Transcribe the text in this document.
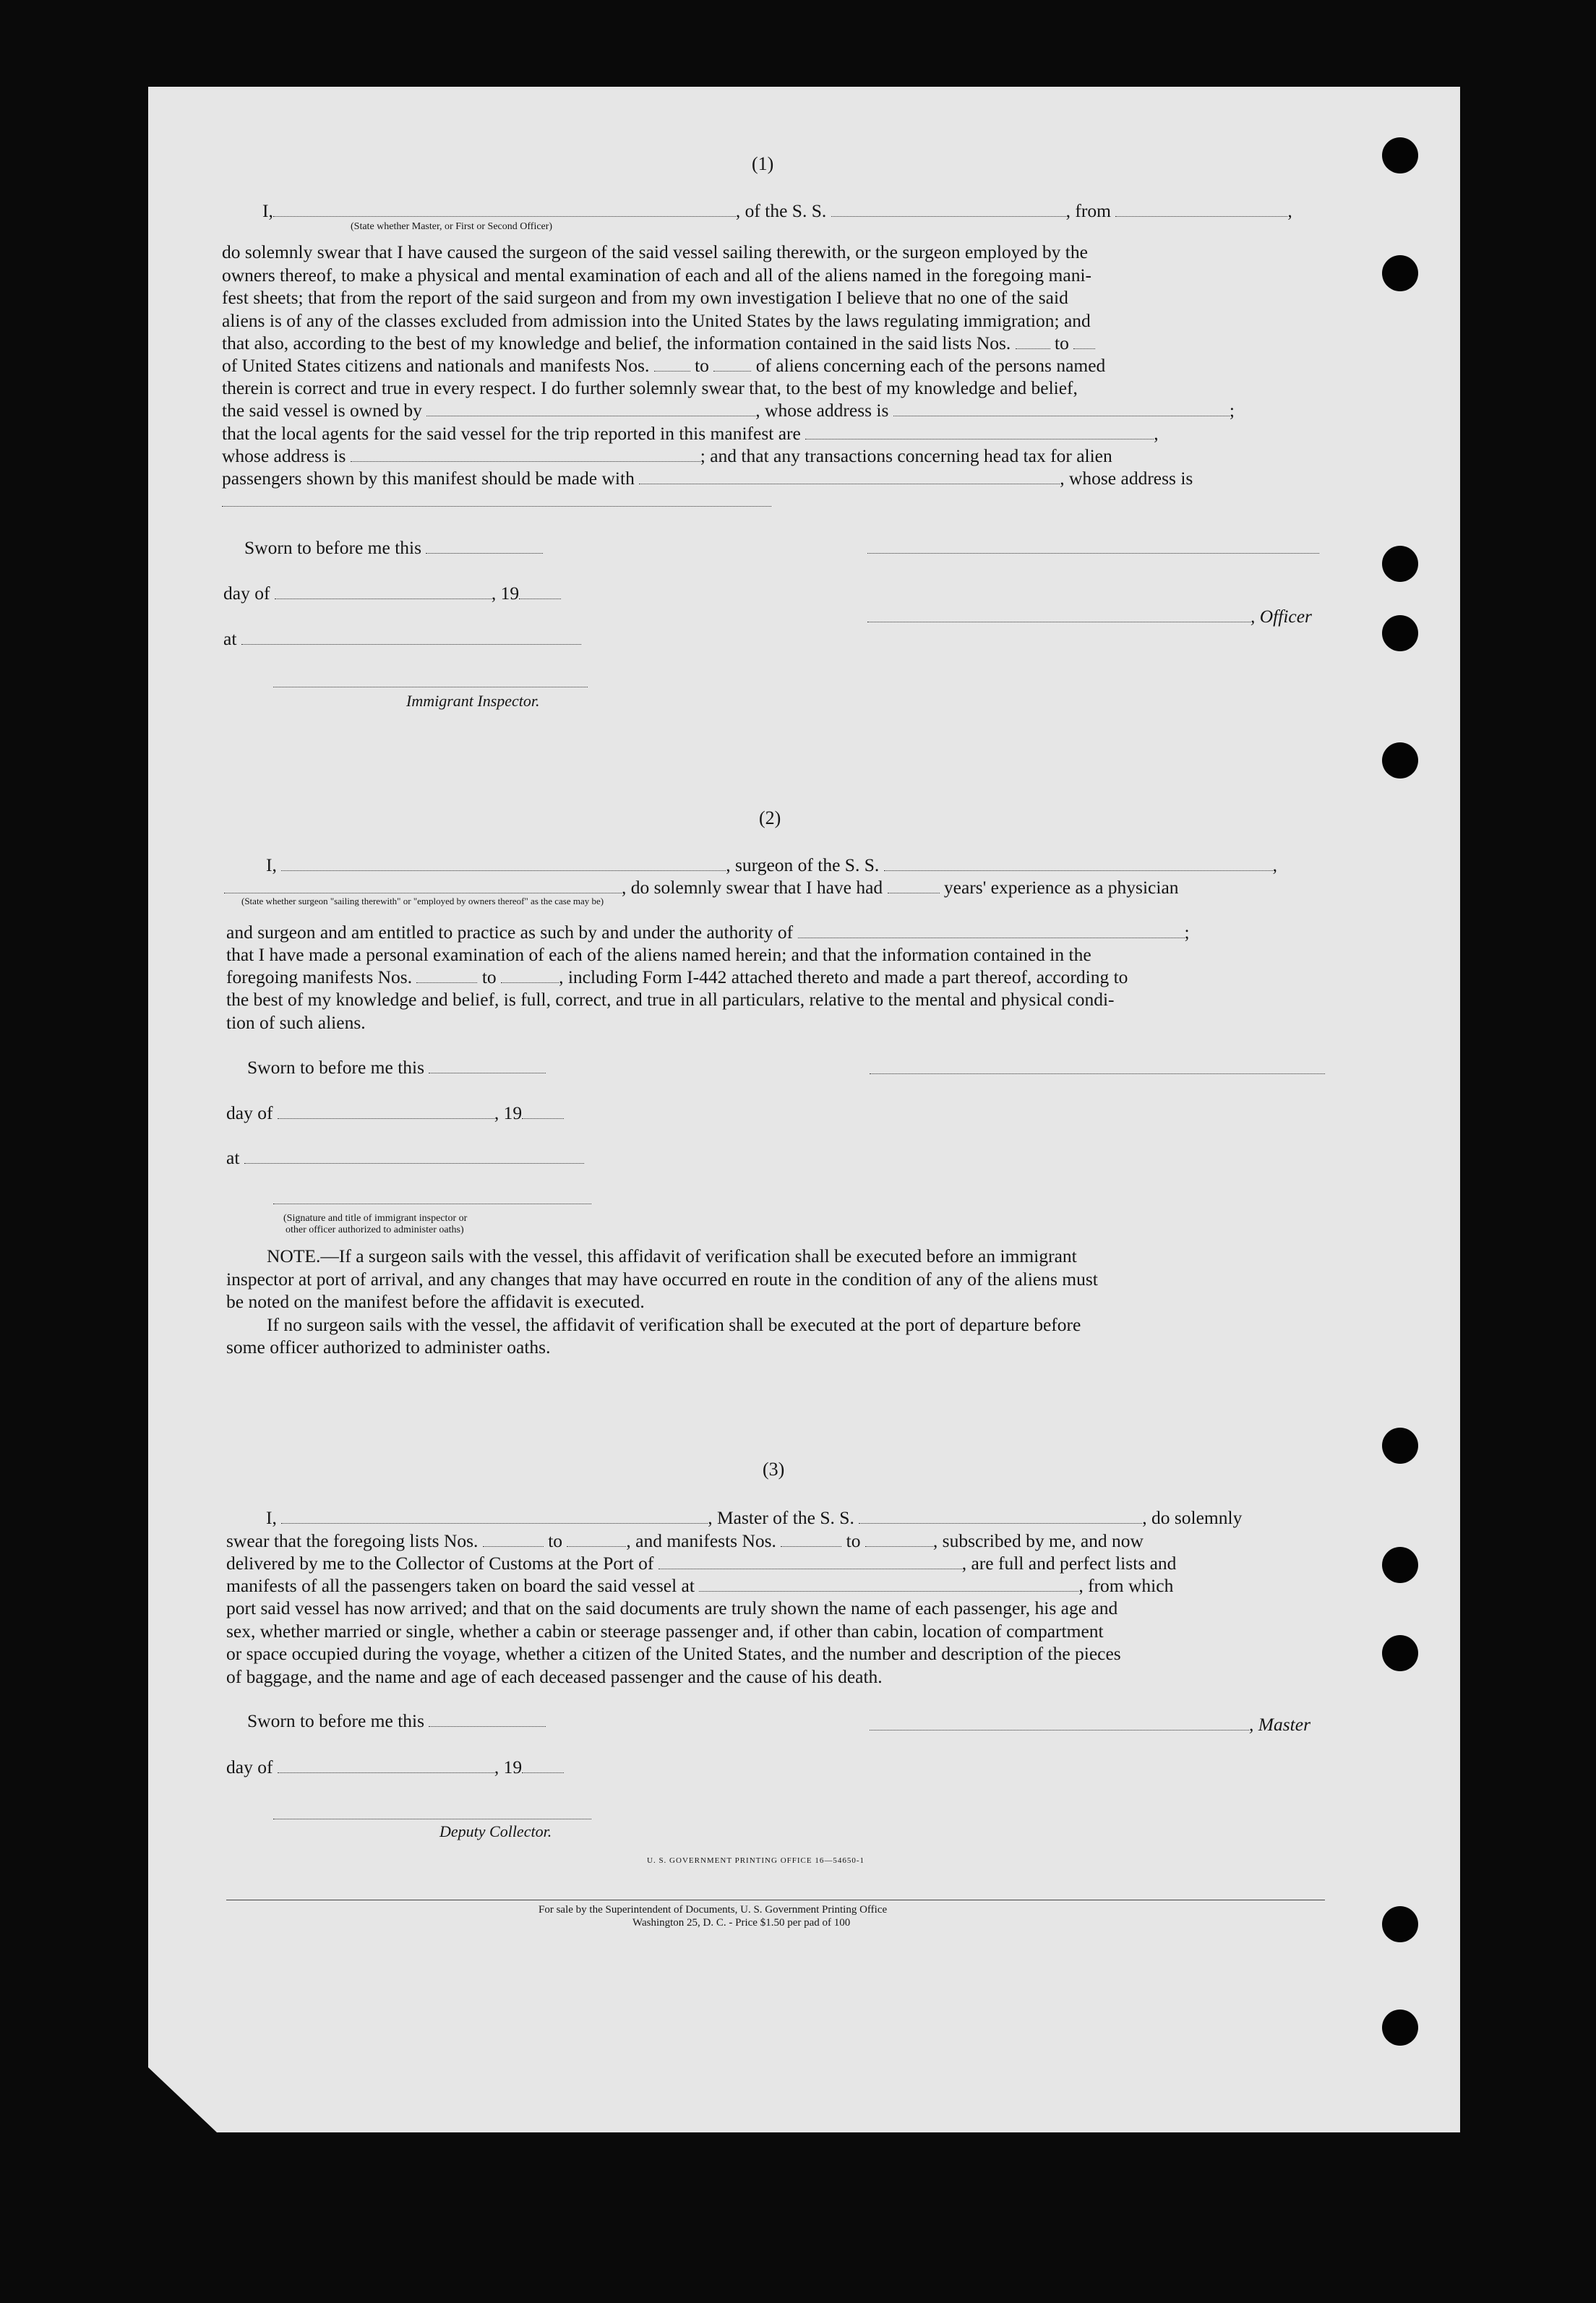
(1)
I,	, of the S. S.	, from	,
(State whether Master, or First or Second Officer)
do solemnly swear that I have caused the surgeon of the said vessel sailing therewith, or the surgeon employed by the
owners thereof, to make a physical and mental examination of each and all of the aliens named in the foregoing mani-
fest sheets; that from the report of the said surgeon and from my own investigation I believe that no one of the said
aliens is of any of the classes excluded from admission into the United States by the laws regulating immigration; and
that also, according to the best of my knowledge and belief, the information contained in the said lists Nos. to
of United States citizens and nationals and manifests Nos. to	of aliens concerning each of the persons named
therein is correct and true in every respect. I do further solemnly swear that, to the best of my knowledge and belief,
the said vessel is owned by	, whose address is	;
that the local agents for the said vessel for the trip reported in this manifest are	,
whose address is	; and that any transactions concerning head tax for alien
passengers shown by this manifest should be made with	, whose address is
Sworn to before me this
day of	, 19
, Officer
at
Immigrant Inspector.
(2)
I,	, surgeon of the S. S.	,
, do solemnly swear that I have had	years' experience as a physician
(State whether surgeon "sailing therewith" or "employed by owners thereof" as the case may be)
and surgeon and am entitled to practice as such by and under the authority of	;
that I have made a personal examination of each of the aliens named herein; and that the information contained in the
foregoing manifests Nos.	to	, including Form I-442 attached thereto and made a part thereof, according to
the best of my knowledge and belief, is full, correct, and true in all particulars, relative to the mental and physical condi-
tion of such aliens.
Sworn to before me this
day of	, 19
at
(Signature and title of immigrant inspector or
other officer authorized to administer oaths)
NOTE.—If a surgeon sails with the vessel, this affidavit of verification shall be executed before an immigrant
inspector at port of arrival, and any changes that may have occurred en route in the condition of any of the aliens must
be noted on the manifest before the affidavit is executed.
If no surgeon sails with the vessel, the affidavit of verification shall be executed at the port of departure before
some officer authorized to administer oaths.
(3)
I,	, Master of the S. S.	, do solemnly
swear that the foregoing lists Nos.	to	, and manifests Nos.	to	, subscribed by me, and now
delivered by me to the Collector of Customs at the Port of	, are full and perfect lists and
manifests of all the passengers taken on board the said vessel at	, from which
port said vessel has now arrived; and that on the said documents are truly shown the name of each passenger, his age and
sex, whether married or single, whether a cabin or steerage passenger and, if other than cabin, location of compartment
or space occupied during the voyage, whether a citizen of the United States, and the number and description of the pieces
of baggage, and the name and age of each deceased passenger and the cause of his death.
Sworn to before me this	, Master
day of	, 19
Deputy Collector.
U. S. GOVERNMENT PRINTING OFFICE 16—54650-1
For sale by the Superintendent of Documents, U. S. Government Printing Office
Washington 25, D. C. - Price $1.50 per pad of 100
